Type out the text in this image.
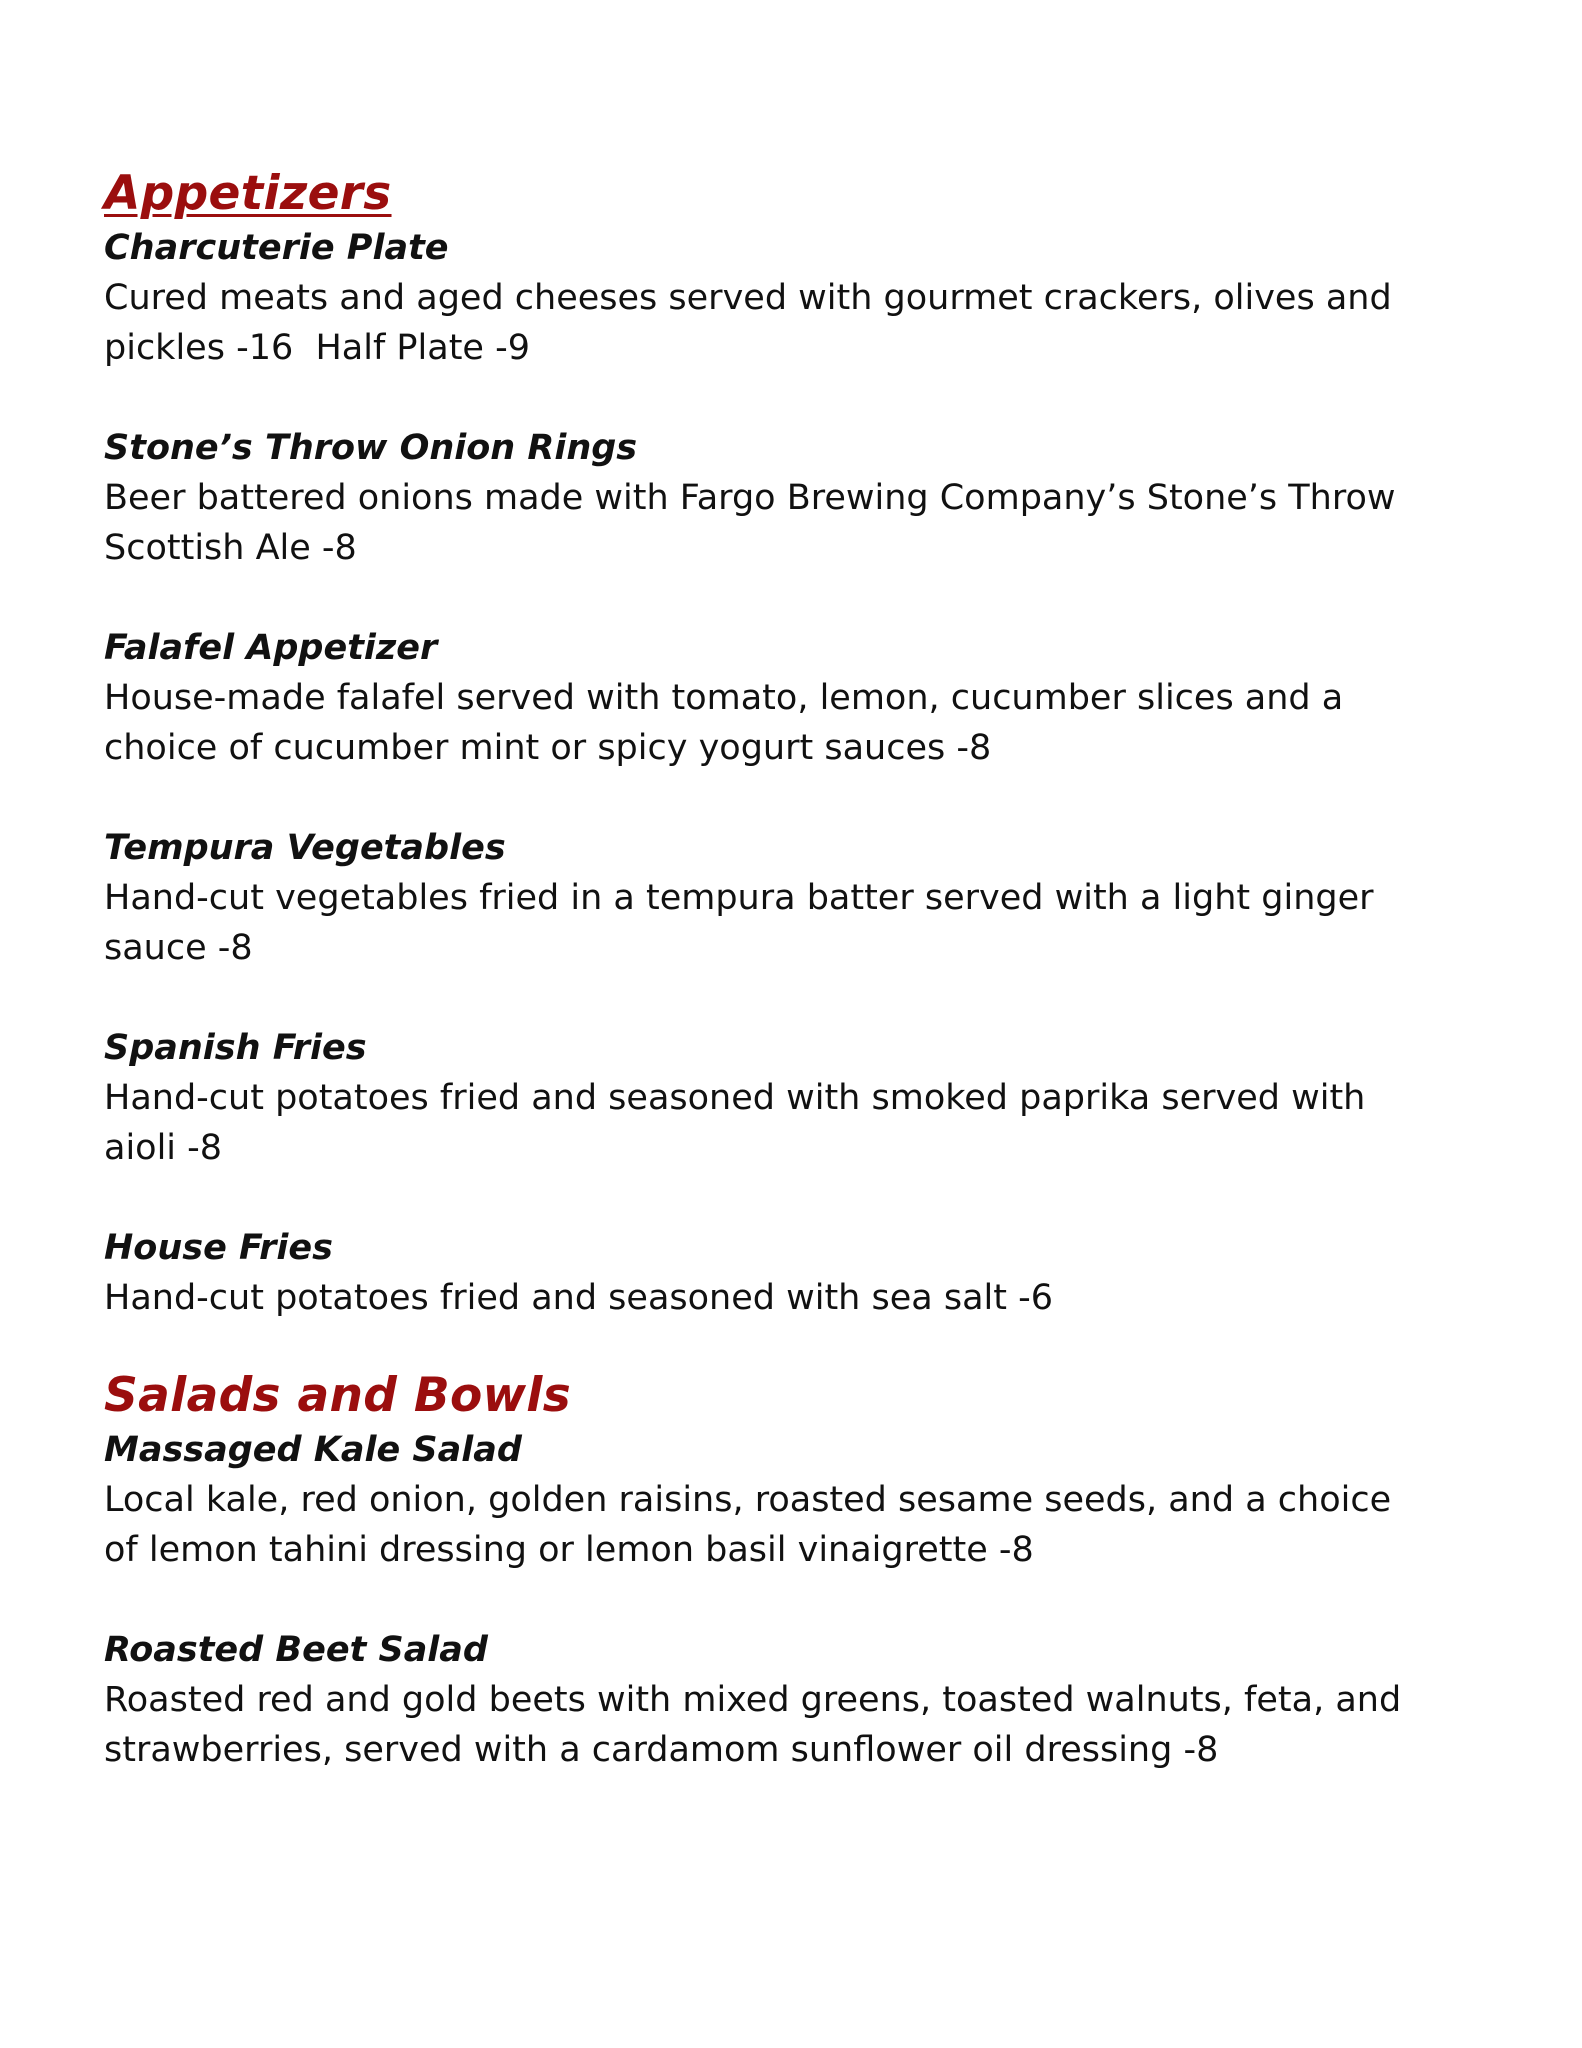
Appetizers
Charcuterie Plate
Cured meats and aged cheeses served with gourmet crackers, olives and
pickles -16  Half Plate -9
Stone’s Throw Onion Rings
Beer battered onions made with Fargo Brewing Company’s Stone’s Throw
Scottish Ale -8
Falafel Appetizer
House-made falafel served with tomato, lemon, cucumber slices and a
choice of cucumber mint or spicy yogurt sauces -8
Tempura Vegetables
Hand-cut vegetables fried in a tempura batter served with a light ginger
sauce -8
Spanish Fries
Hand-cut potatoes fried and seasoned with smoked paprika served with
aioli -8
House Fries
Hand-cut potatoes fried and seasoned with sea salt -6
Salads and Bowls
Massaged Kale Salad
Local kale, red onion, golden raisins, roasted sesame seeds, and a choice
of lemon tahini dressing or lemon basil vinaigrette -8
Roasted Beet Salad
Roasted red and gold beets with mixed greens, toasted walnuts, feta, and
strawberries, served with a cardamom sunflower oil dressing -8
